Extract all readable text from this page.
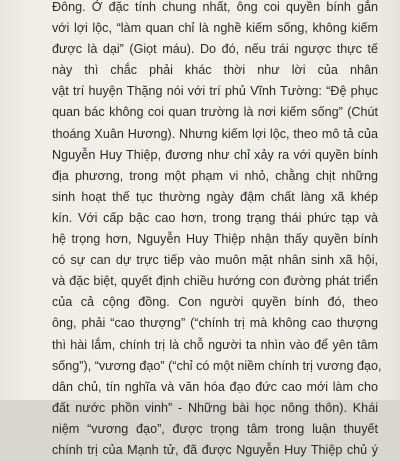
Đông. Ở đặc tính chung nhất, ông coi quyền bính gắn
với lợi lộc, “làm quan chỉ là nghề kiếm sống, không kiếm
được là dại” (Giọt máu). Do đó, nếu trái ngược thực tế
này thì chắc phải khác thời như lời của nhân
vật trí huyện Thặng nói với trí phủ Vĩnh Tường: “Đệ phục
quan bác không coi quan trường là nơi kiếm sống” (Chút
thoáng Xuân Hương). Nhưng kiếm lợi lộc, theo mô tả của
Nguyễn Huy Thiệp, đương như chỉ xảy ra với quyền bính
địa phương, trong một phạm vi nhỏ, chằng chịt những
sinh hoạt thế tục thường ngày đậm chất làng xã khép
kín. Với cấp bậc cao hơn, trong trạng thái phức tạp và
hệ trọng hơn, Nguyễn Huy Thiệp nhận thấy quyền bính
có sự can dự trực tiếp vào muôn mặt nhân sinh xã hội,
và đặc biệt, quyết định chiều hướng con đường phát triển
của cả cộng đồng. Con người quyền bính đó, theo
ông, phải “cao thượng” (“chính trị mà không cao thượng
thì hài lắm, chính trị là chỗ người ta nhìn vào để yên tâm
sống”), “vương đạo” (“chỉ có một niềm chính trị vương đạo,
dân chủ, tín nghĩa và văn hóa đạo đức cao mới làm cho
đất nước phồn vinh” - Những bài học nông thôn). Khái
niệm “vương đạo”, được trọng tâm trong luận thuyết
chính trị của Mạnh tử, đã được Nguyễn Huy Thiệp chủ ý
